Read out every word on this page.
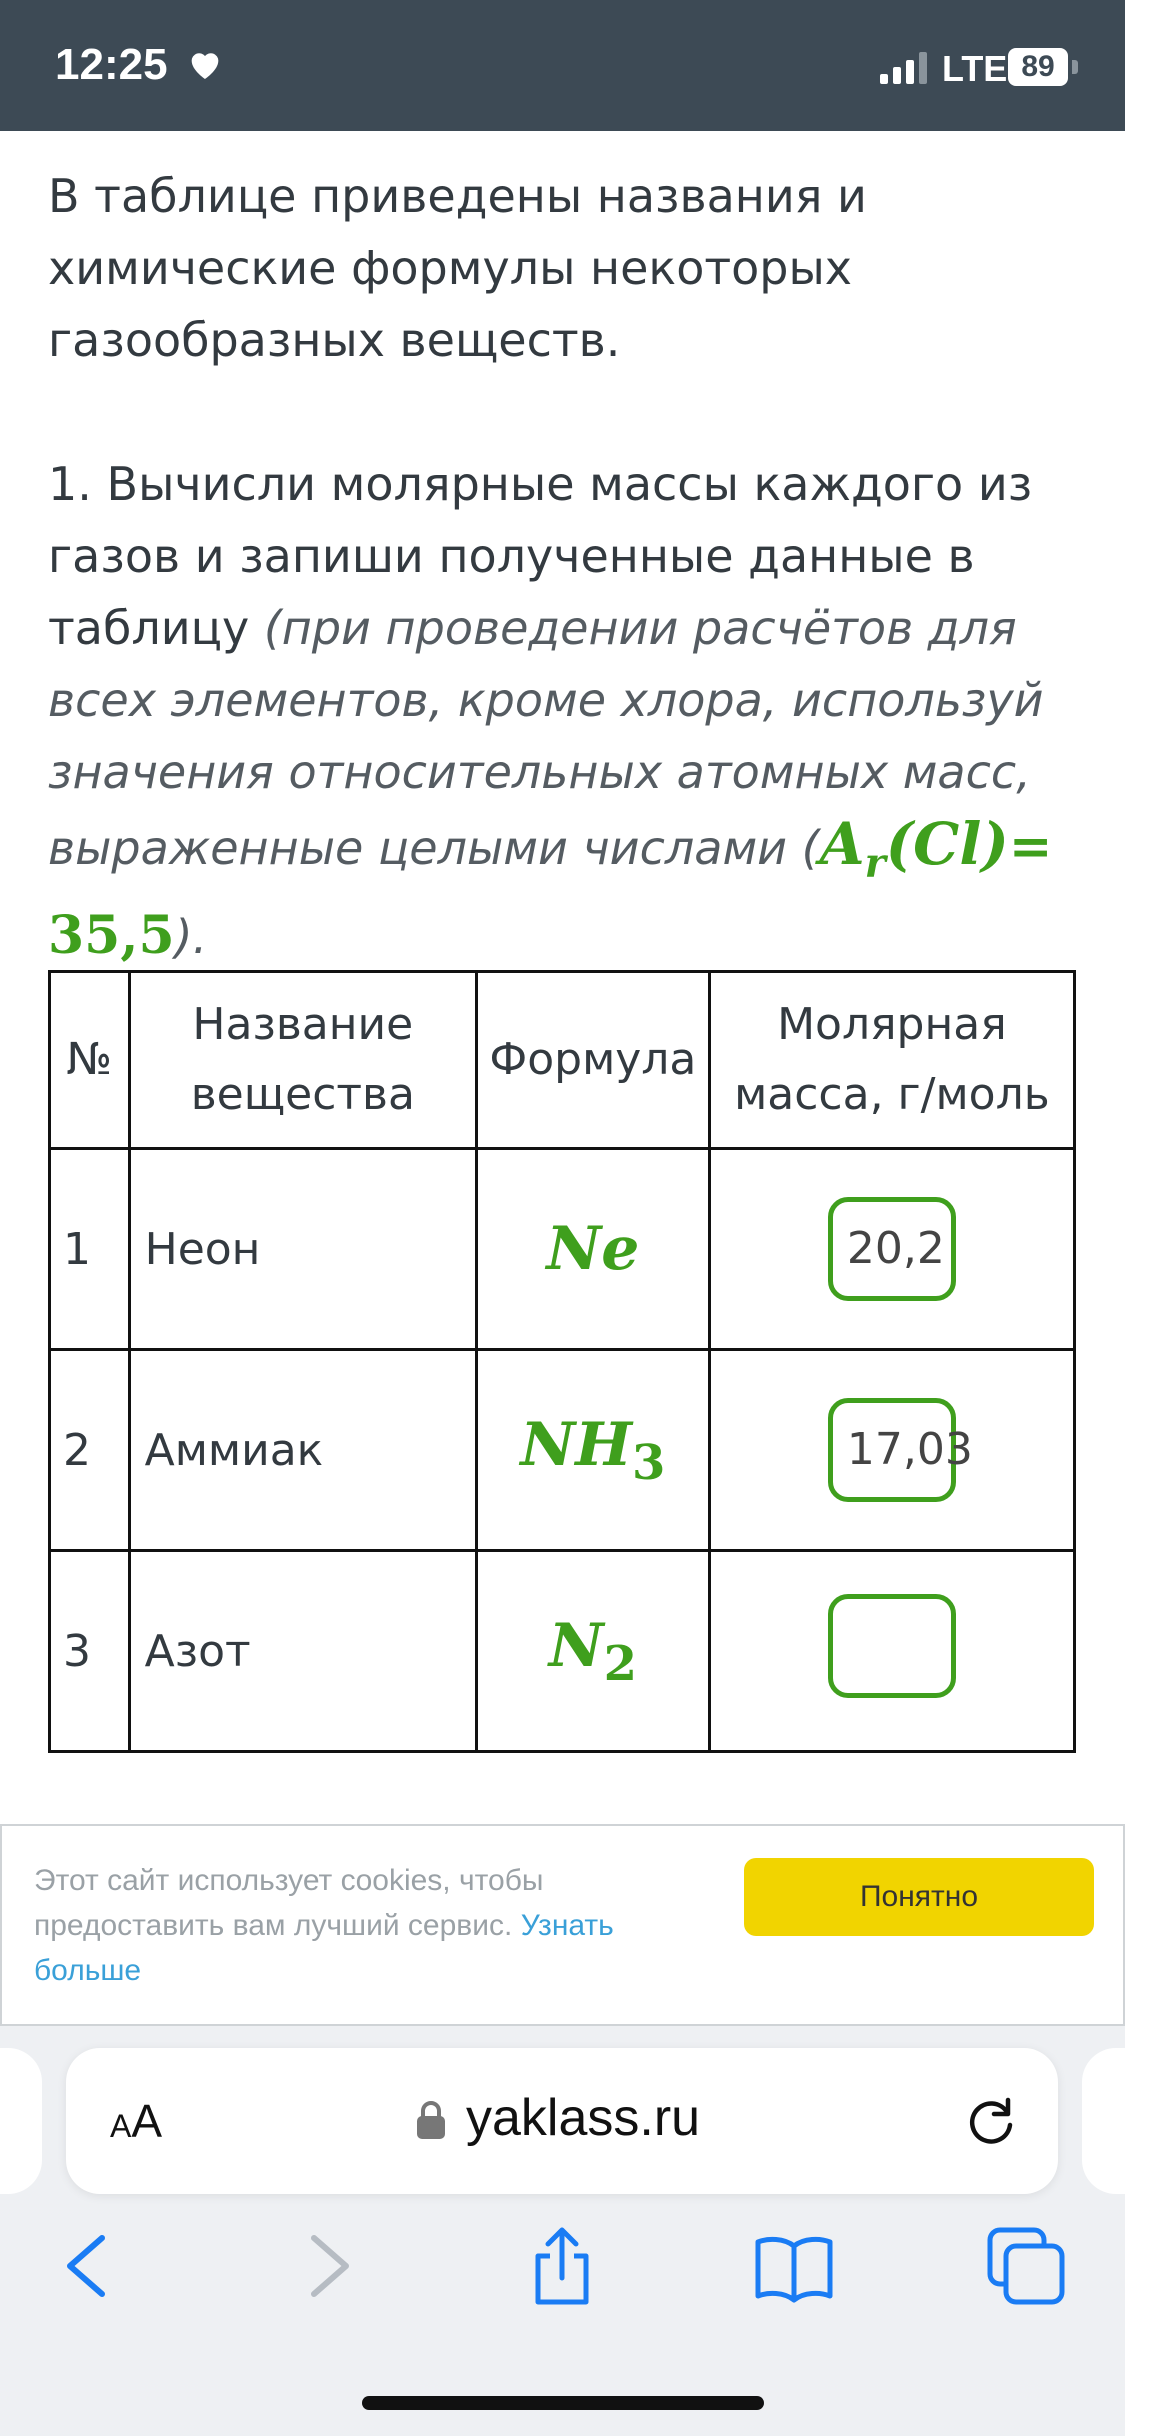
12:25	LTE 89

В таблице приведены названия и химические формулы некоторых газообразных веществ.

1. Вычисли молярные массы каждого из газов и запиши полученные данные в таблицу (при проведении расчётов для всех элементов, кроме хлора, используй значения относительных атомных масс, выраженные целыми числами $(A_r(Cl)= 35,5)$.

№	Название вещества	Формула	Молярная масса, г/моль
1	Неон	Ne	20,2
2	Аммиак	$NH_3$	17,03
3	Азот	$N_2$	
Этот сайт использует cookies, чтобы предоставить вам лучший сервис. Узнать больше
Понятно
AA	yaklass.ru
